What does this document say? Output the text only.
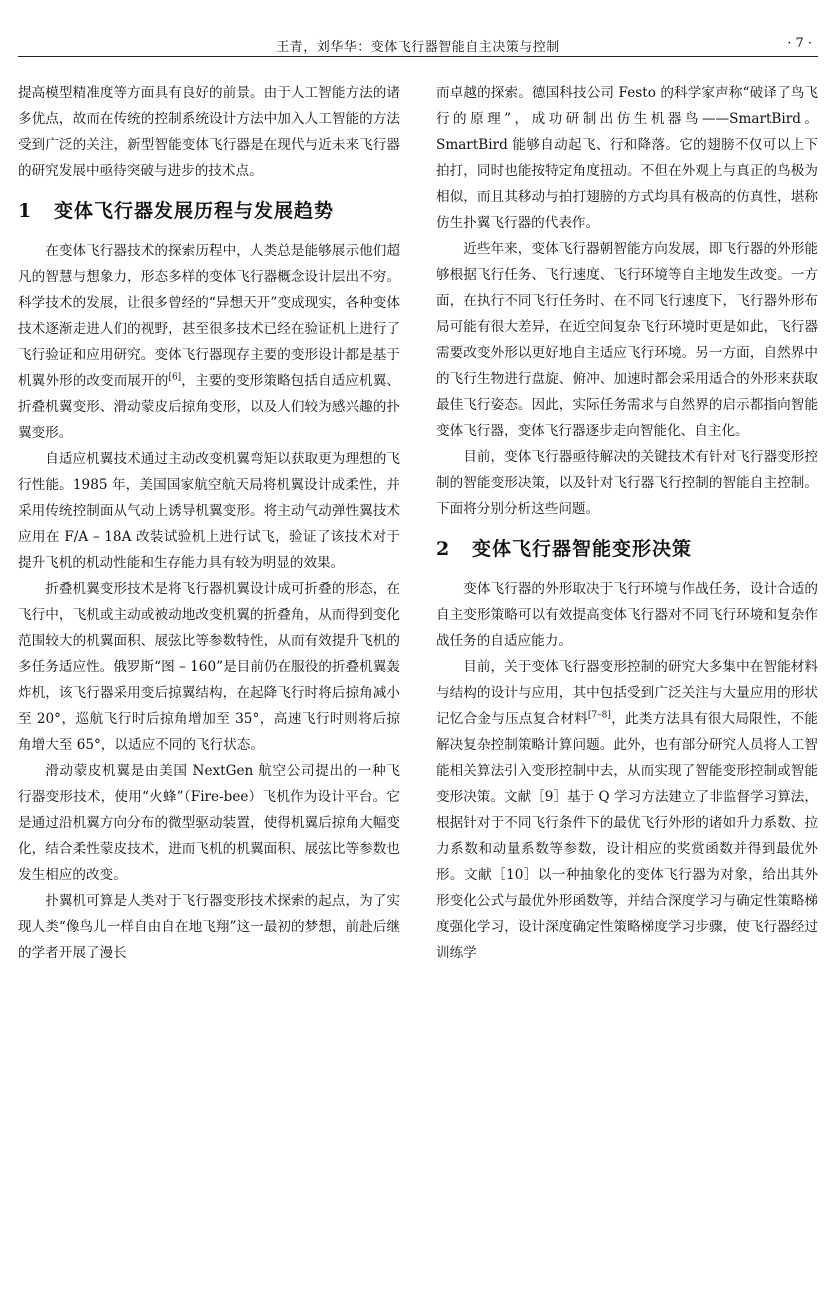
王青，刘华华：变体飞行器智能自主决策与控制	· 7 ·

提高模型精准度等方面具有良好的前景。由于人工智能方法的诸多优点，故而在传统的控制系统设计方法中加入人工智能的方法受到广泛的关注，新型智能变体飞行器是在现代与近未来飞行器的研究发展中亟待突破与进步的技术点。

1 变体飞行器发展历程与发展趋势

在变体飞行器技术的探索历程中，人类总是能够展示他们超凡的智慧与想象力，形态多样的变体飞行器概念设计层出不穷。科学技术的发展，让很多曾经的“异想天开”变成现实，各种变体技术逐渐走进人们的视野，甚至很多技术已经在验证机上进行了飞行验证和应用研究。变体飞行器现存主要的变形设计都是基于机翼外形的改变而展开的[6]，主要的变形策略包括自适应机翼、折叠机翼变形、滑动蒙皮后掠角变形，以及人们较为感兴趣的扑翼变形。

自适应机翼技术通过主动改变机翼弯矩以获取更为理想的飞行性能。1985 年，美国国家航空航天局将机翼设计成柔性，并采用传统控制面从气动上诱导机翼变形。将主动气动弹性翼技术应用在 F/A – 18A 改装试验机上进行试飞，验证了该技术对于提升飞机的机动性能和生存能力具有较为明显的效果。

折叠机翼变形技术是将飞行器机翼设计成可折叠的形态，在飞行中，飞机或主动或被动地改变机翼的折叠角，从而得到变化范围较大的机翼面积、展弦比等参数特性，从而有效提升飞机的多任务适应性。俄罗斯“图 – 160”是目前仍在服役的折叠机翼轰炸机，该飞行器采用变后掠翼结构，在起降飞行时将后掠角减小至 20°，巡航飞行时后掠角增加至 35°，高速飞行时则将后掠角增大至 65°，以适应不同的飞行状态。

滑动蒙皮机翼是由美国 NextGen 航空公司提出的一种飞行器变形技术，使用“火蜂”（Fire-bee）飞机作为设计平台。它是通过沿机翼方向分布的微型驱动装置，使得机翼后掠角大幅变化，结合柔性蒙皮技术，进而飞机的机翼面积、展弦比等参数也发生相应的改变。

扑翼机可算是人类对于飞行器变形技术探索的起点，为了实现人类“像鸟儿一样自由自在地飞翔”这一最初的梦想，前赴后继的学者开展了漫长

而卓越的探索。德国科技公司 Festo 的科学家声称“破译了鸟飞行的原理”，成功研制出仿生机器鸟——SmartBird。SmartBird 能够自动起飞、行和降落。它的翅膀不仅可以上下拍打，同时也能按特定角度扭动。不但在外观上与真正的鸟极为相似，而且其移动与拍打翅膀的方式均具有极高的仿真性，堪称仿生扑翼飞行器的代表作。

近些年来，变体飞行器朝智能方向发展，即飞行器的外形能够根据飞行任务、飞行速度、飞行环境等自主地发生改变。一方面，在执行不同飞行任务时、在不同飞行速度下，飞行器外形布局可能有很大差异，在近空间复杂飞行环境时更是如此，飞行器需要改变外形以更好地自主适应飞行环境。另一方面，自然界中的飞行生物进行盘旋、俯冲、加速时都会采用适合的外形来获取最佳飞行姿态。因此，实际任务需求与自然界的启示都指向智能变体飞行器，变体飞行器逐步走向智能化、自主化。

目前，变体飞行器亟待解决的关键技术有针对飞行器变形控制的智能变形决策，以及针对飞行器飞行控制的智能自主控制。下面将分别分析这些问题。

2 变体飞行器智能变形决策

变体飞行器的外形取决于飞行环境与作战任务，设计合适的自主变形策略可以有效提高变体飞行器对不同飞行环境和复杂作战任务的自适应能力。

目前，关于变体飞行器变形控制的研究大多集中在智能材料与结构的设计与应用，其中包括受到广泛关注与大量应用的形状记忆合金与压点复合材料[7–8]，此类方法具有很大局限性，不能解决复杂控制策略计算问题。此外，也有部分研究人员将人工智能相关算法引入变形控制中去，从而实现了智能变形控制或智能变形决策。文献［9］基于 Q 学习方法建立了非监督学习算法，根据针对于不同飞行条件下的最优飞行外形的诸如升力系数、拉力系数和动量系数等参数，设计相应的奖赏函数并得到最优外形。文献［10］以一种抽象化的变体飞行器为对象，给出其外形变化公式与最优外形函数等，并结合深度学习与确定性策略梯度强化学习，设计深度确定性策略梯度学习步骤，使飞行器经过训练学
